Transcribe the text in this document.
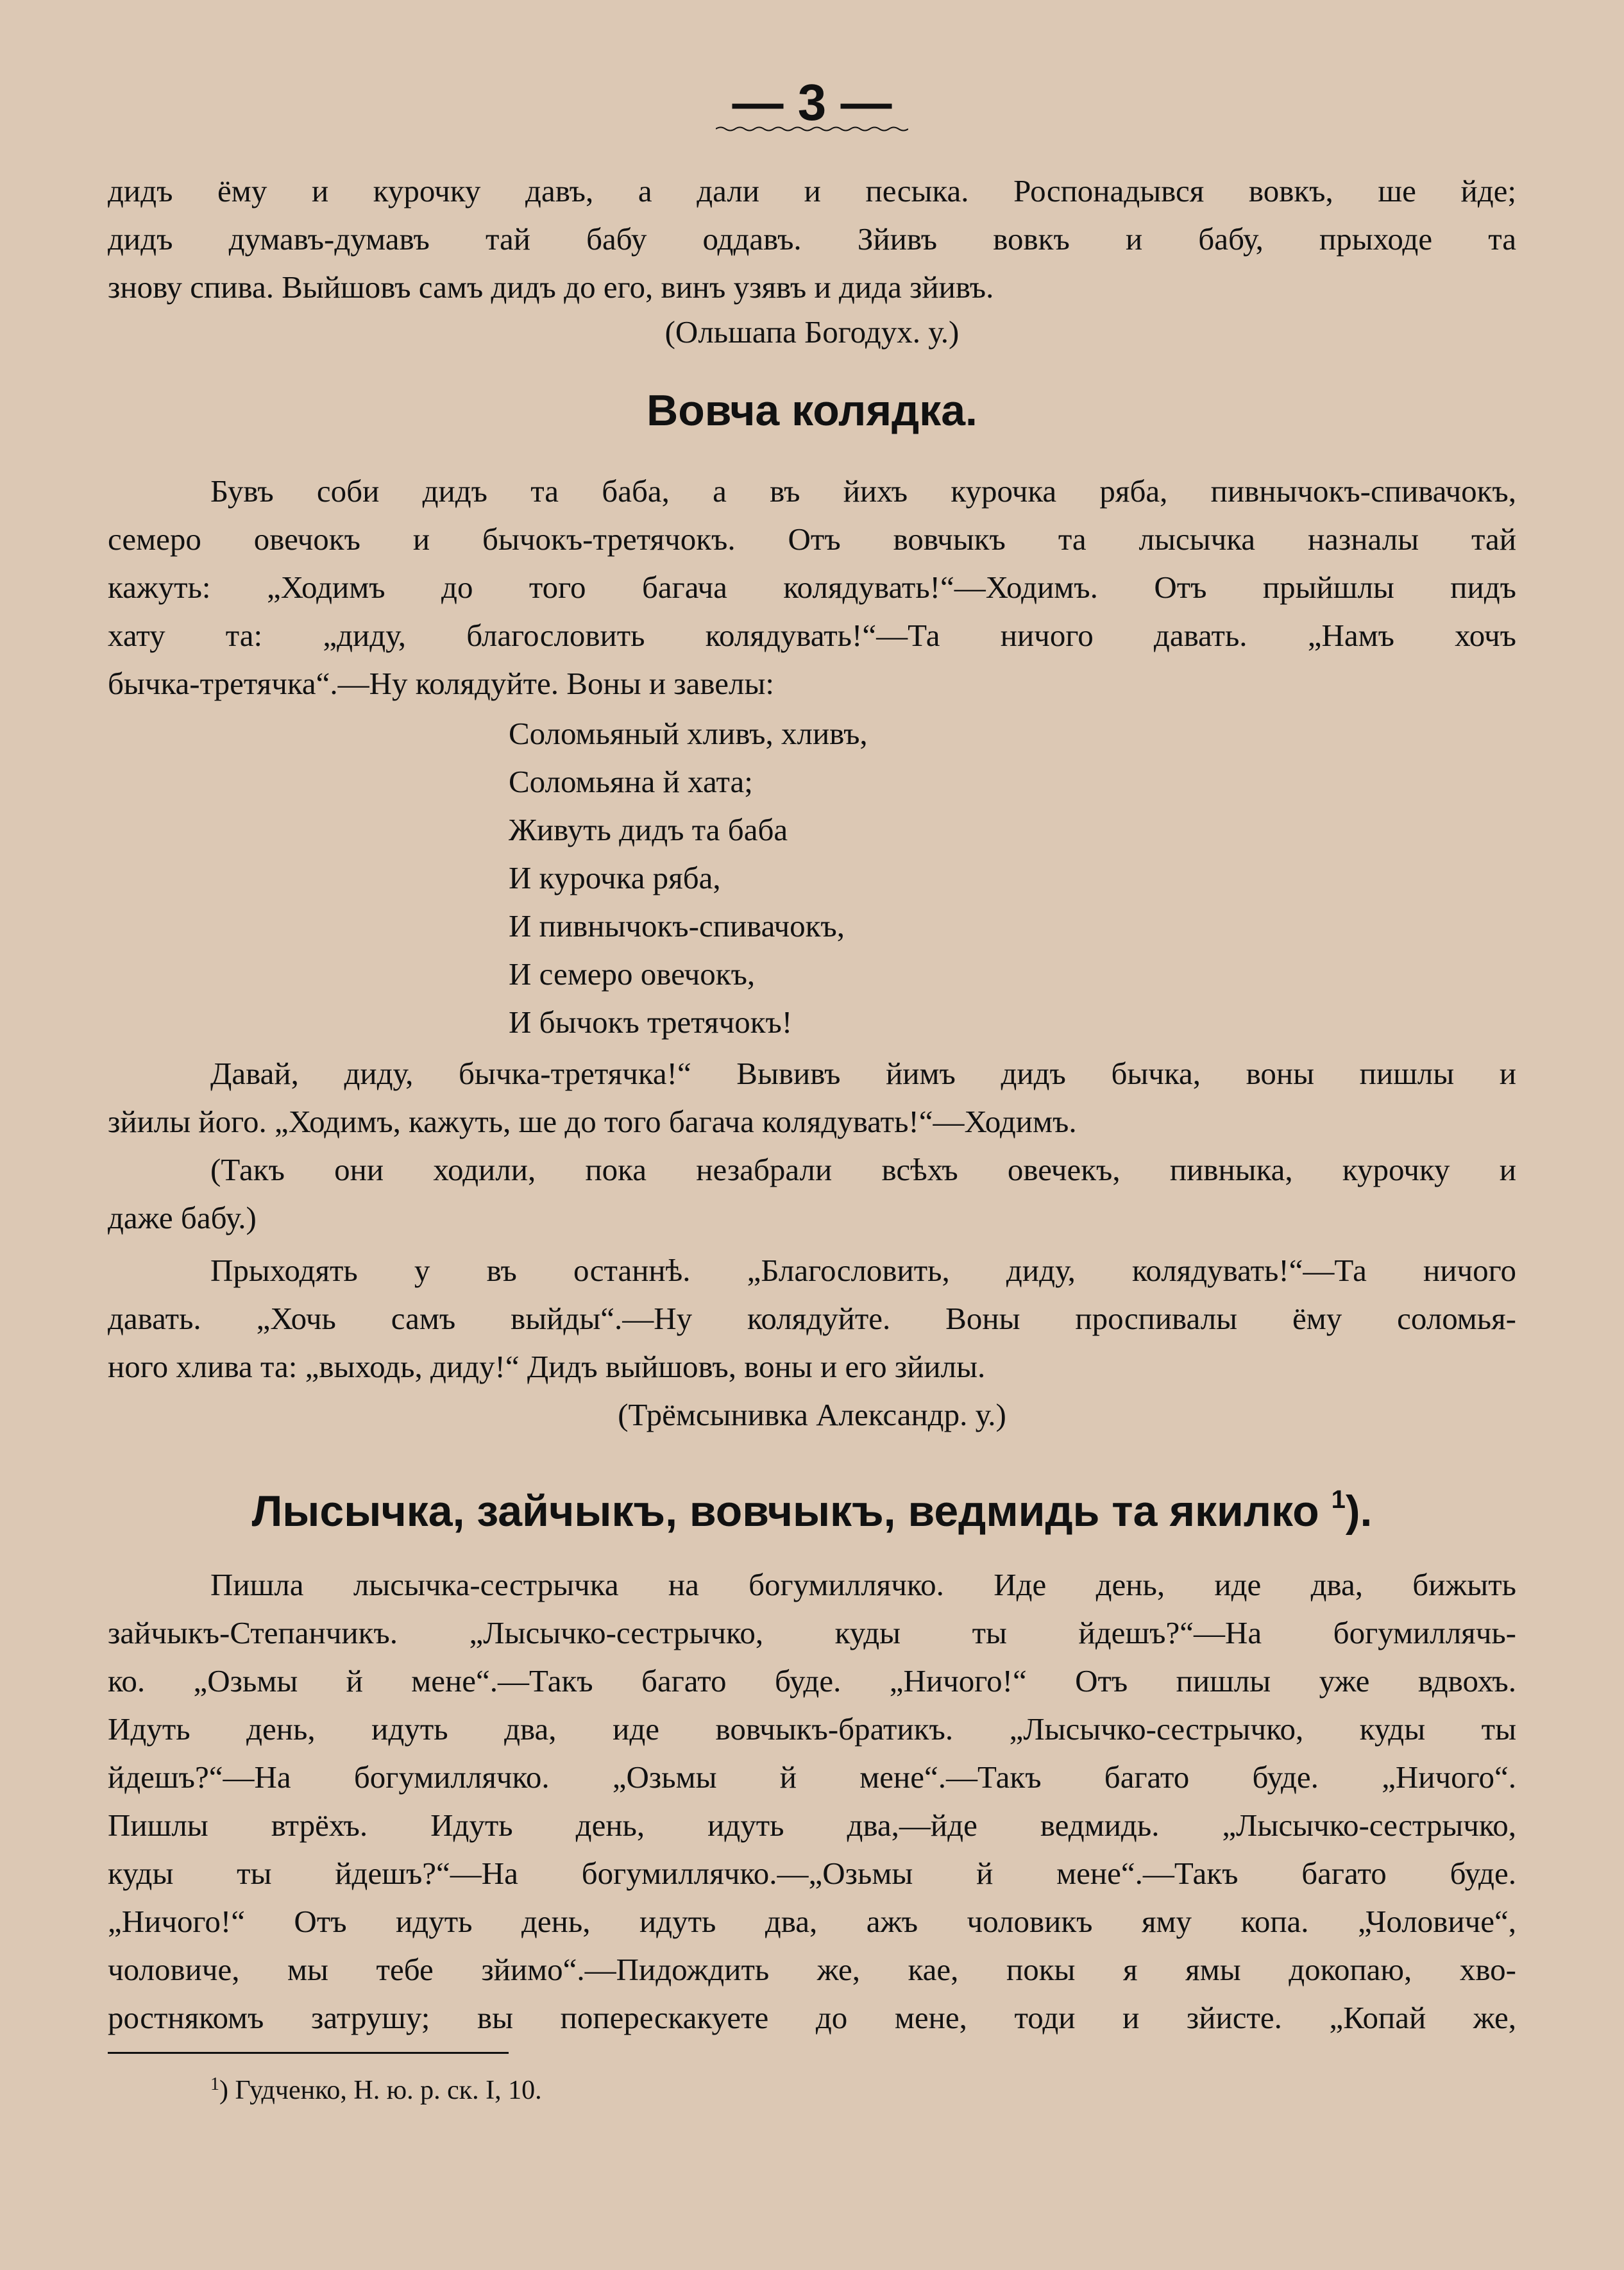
— 3 —
дидъ ёму и курочку давъ, а дали и песыка. Роспонадывся вовкъ, ше йде;
дидъ думавъ-думавъ тай бабу оддавъ. Зйивъ вовкъ и бабу, прыходе та
знову спива. Выйшовъ самъ дидъ до его, винъ узявъ и дида зйивъ.
(Ольшапа Богодух. у.)
Вовча колядка.
Бувъ соби дидъ та баба, а въ йихъ курочка ряба, пивнычокъ-спивачокъ,
семеро овечокъ и бычокъ-третячокъ. Отъ вовчыкъ та лысычка назналы тай
кажуть: „Ходимъ до того багача колядувать!“—Ходимъ. Отъ прыйшлы пидъ
хату та: „диду, благословить колядувать!“—Та ничого давать. „Намъ хочъ
бычка-третячка“.—Ну колядуйте. Воны и завелы:
Соломьяный хливъ, хливъ,
Соломьяна й хата;
Живуть дидъ та баба
И курочка ряба,
И пивнычокъ-спивачокъ,
И семеро овечокъ,
И бычокъ третячокъ!
Давай, диду, бычка-третячка!“ Вывивъ йимъ дидъ бычка, воны пишлы и
зйилы його. „Ходимъ, кажуть, ше до того багача колядувать!“—Ходимъ.
(Такъ они ходили, пока незабрали всѣхъ овечекъ, пивныка, курочку и
даже бабу.)
Прыходять у въ останнѣ. „Благословить, диду, колядувать!“—Та ничого
давать. „Хочь самъ выйды“.—Ну колядуйте. Воны проспивалы ёму соломья-
ного хлива та: „выходь, диду!“ Дидъ выйшовъ, воны и его зйилы.
(Трёмсынивка Александр. у.)
Лысычка, зайчыкъ, вовчыкъ, ведмидь та якилко $^1$).
Пишла лысычка-сестрычка на богумиллячко. Иде день, иде два, бижыть
зайчыкъ-Степанчикъ. „Лысычко-сестрычко, куды ты йдешъ?“—На богумиллячь-
ко. „Озьмы й мене“.—Такъ багато буде. „Ничого!“ Отъ пишлы уже вдвохъ.
Идуть день, идуть два, иде вовчыкъ-братикъ. „Лысычко-сестрычко, куды ты
йдешъ?“—На богумиллячко. „Озьмы й мене“.—Такъ багато буде. „Ничого“.
Пишлы втрёхъ. Идуть день, идуть два,—йде ведмидь. „Лысычко-сестрычко,
куды ты йдешъ?“—На богумиллячко.—„Озьмы й мене“.—Такъ багато буде.
„Ничого!“ Отъ идуть день, идуть два, ажъ чоловикъ яму копа. „Чоловиче“,
чоловиче, мы тебе зйимо“.—Пидождить же, кае, покы я ямы докопаю, хво-
ростнякомъ затрушу; вы поперескакуете до мене, тоди и зйисте. „Копай же,
$^1$) Гудченко, Н. ю. р. ск. I, 10.
